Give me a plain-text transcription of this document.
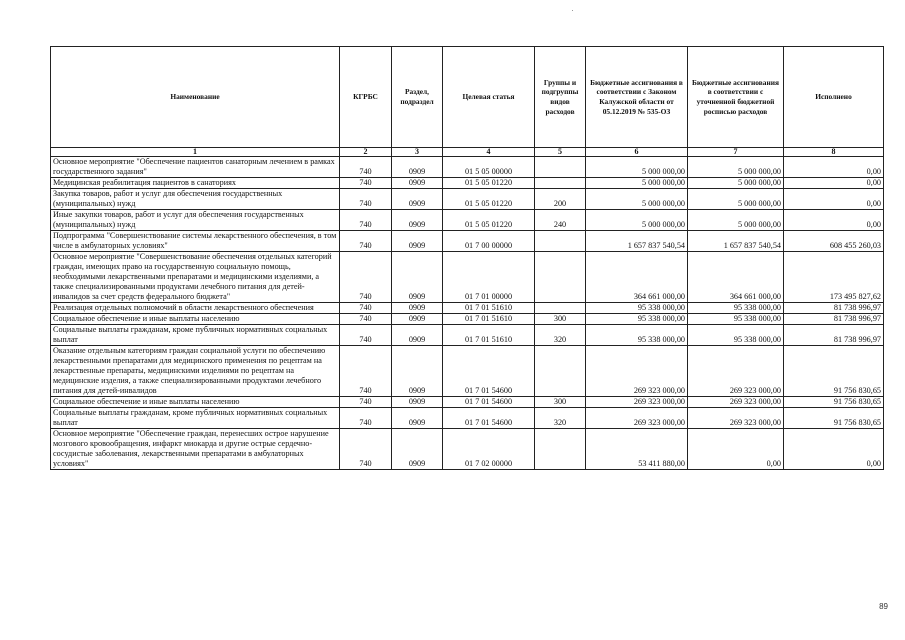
Наименование	КГРБС	Раздел, подраздел	Целевая статья	Группы и подгруппы видов расходов	Бюджетные ассигнования в соответствии с Законом Калужской области от 05.12.2019 № 535-ОЗ	Бюджетные ассигнования в соответствии с уточненной бюджетной росписью расходов	Исполнено
1	2	3	4	5	6	7	8
Основное мероприятие "Обеспечение пациентов санаторным лечением в рамках государственного задания"	740	0909	01 5 05 00000		5 000 000,00	5 000 000,00	0,00
Медицинская реабилитация пациентов в санаториях	740	0909	01 5 05 01220		5 000 000,00	5 000 000,00	0,00
Закупка товаров, работ и услуг для обеспечения государственных (муниципальных) нужд	740	0909	01 5 05 01220	200	5 000 000,00	5 000 000,00	0,00
Иные закупки товаров, работ и услуг для обеспечения государственных (муниципальных) нужд	740	0909	01 5 05 01220	240	5 000 000,00	5 000 000,00	0,00
Подпрограмма "Совершенствование системы лекарственного обеспечения, в том числе в амбулаторных условиях"	740	0909	01 7 00 00000		1 657 837 540,54	1 657 837 540,54	608 455 260,03
Основное мероприятие "Совершенствование обеспечения отдельных категорий граждан, имеющих право на государственную социальную помощь, необходимыми лекарственными препаратами и медицинскими изделиями, а также специализированными продуктами лечебного питания для детей-инвалидов за счет средств федерального бюджета"	740	0909	01 7 01 00000		364 661 000,00	364 661 000,00	173 495 827,62
Реализация отдельных полномочий в области лекарственного обеспечения	740	0909	01 7 01 51610		95 338 000,00	95 338 000,00	81 738 996,97
Социальное обеспечение и иные выплаты населению	740	0909	01 7 01 51610	300	95 338 000,00	95 338 000,00	81 738 996,97
Социальные выплаты гражданам, кроме публичных нормативных социальных выплат	740	0909	01 7 01 51610	320	95 338 000,00	95 338 000,00	81 738 996,97
Оказание отдельным категориям граждан социальной услуги по обеспечению лекарственными препаратами для медицинского применения по рецептам на лекарственные препараты, медицинскими изделиями по рецептам на медицинские изделия, а также специализированными продуктами лечебного питания для детей-инвалидов	740	0909	01 7 01 54600		269 323 000,00	269 323 000,00	91 756 830,65
Социальное обеспечение и иные выплаты населению	740	0909	01 7 01 54600	300	269 323 000,00	269 323 000,00	91 756 830,65
Социальные выплаты гражданам, кроме публичных нормативных социальных выплат	740	0909	01 7 01 54600	320	269 323 000,00	269 323 000,00	91 756 830,65
Основное мероприятие "Обеспечение граждан, перенесших острое нарушение мозгового кровообращения, инфаркт миокарда и другие острые сердечно-сосудистые заболевания, лекарственными препаратами в амбулаторных условиях"	740	0909	01 7 02 00000		53 411 880,00	0,00	0,00
89
